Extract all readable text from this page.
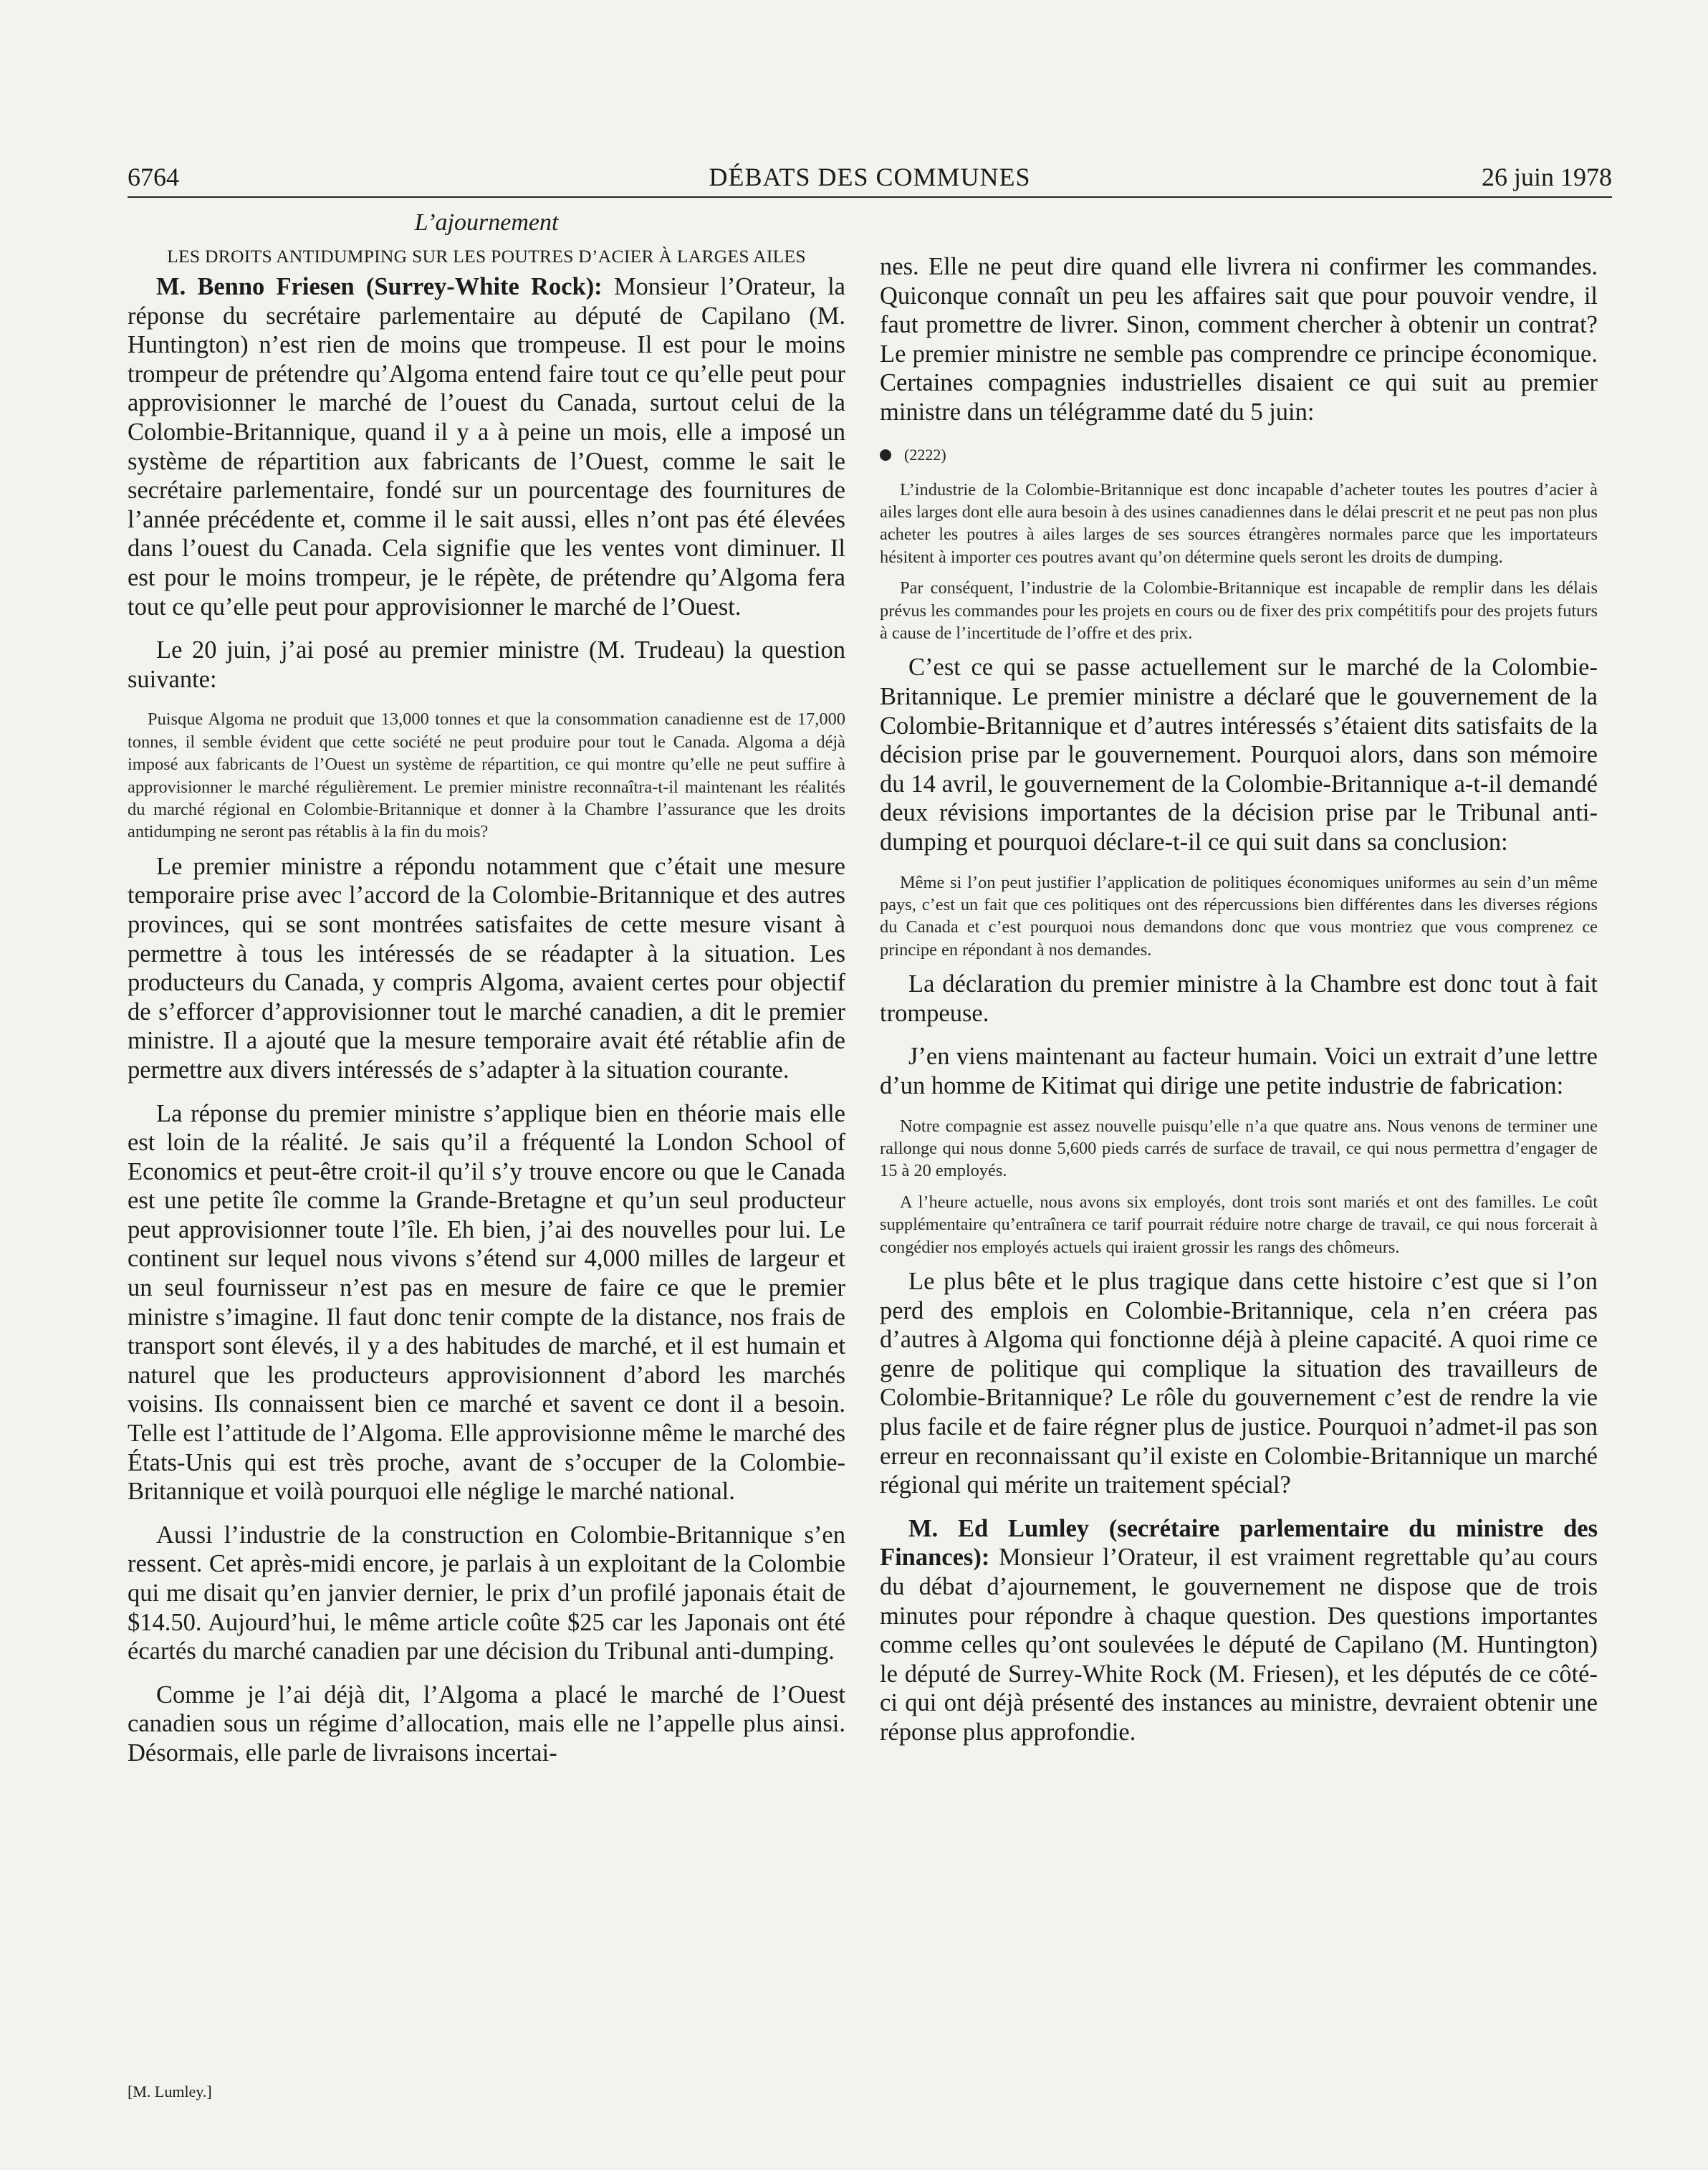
6764	DÉBATS DES COMMUNES	26 juin 1978

L’ajournement

LES DROITS ANTIDUMPING SUR LES POUTRES D’ACIER À LARGES AILES

M. Benno Friesen (Surrey-White Rock): Monsieur l’Orateur, la réponse du secrétaire parlementaire au député de Capilano (M. Huntington) n’est rien de moins que trompeuse. Il est pour le moins trompeur de prétendre qu’Algoma entend faire tout ce qu’elle peut pour approvisionner le marché de l’ouest du Canada, surtout celui de la Colombie-Britannique, quand il y a à peine un mois, elle a imposé un système de répartition aux fabricants de l’Ouest, comme le sait le secrétaire parlementaire, fondé sur un pourcentage des fournitures de l’année précédente et, comme il le sait aussi, elles n’ont pas été élevées dans l’ouest du Canada. Cela signifie que les ventes vont diminuer. Il est pour le moins trompeur, je le répète, de prétendre qu’Algoma fera tout ce qu’elle peut pour approvisionner le marché de l’Ouest.

Le 20 juin, j’ai posé au premier ministre (M. Trudeau) la question suivante:

Puisque Algoma ne produit que 13,000 tonnes et que la consommation canadienne est de 17,000 tonnes, il semble évident que cette société ne peut produire pour tout le Canada. Algoma a déjà imposé aux fabricants de l’Ouest un système de répartition, ce qui montre qu’elle ne peut suffire à approvisionner le marché régulièrement. Le premier ministre reconnaîtra-t-il maintenant les réalités du marché régional en Colombie-Britannique et donner à la Chambre l’assurance que les droits antidumping ne seront pas rétablis à la fin du mois?

Le premier ministre a répondu notamment que c’était une mesure temporaire prise avec l’accord de la Colombie-Britannique et des autres provinces, qui se sont montrées satisfaites de cette mesure visant à permettre à tous les intéressés de se réadapter à la situation. Les producteurs du Canada, y compris Algoma, avaient certes pour objectif de s’efforcer d’approvisionner tout le marché canadien, a dit le premier ministre. Il a ajouté que la mesure temporaire avait été rétablie afin de permettre aux divers intéressés de s’adapter à la situation courante.

La réponse du premier ministre s’applique bien en théorie mais elle est loin de la réalité. Je sais qu’il a fréquenté la London School of Economics et peut-être croit-il qu’il s’y trouve encore ou que le Canada est une petite île comme la Grande-Bretagne et qu’un seul producteur peut approvisionner toute l’île. Eh bien, j’ai des nouvelles pour lui. Le continent sur lequel nous vivons s’étend sur 4,000 milles de largeur et un seul fournisseur n’est pas en mesure de faire ce que le premier ministre s’imagine. Il faut donc tenir compte de la distance, nos frais de transport sont élevés, il y a des habitudes de marché, et il est humain et naturel que les producteurs approvisionnent d’abord les marchés voisins. Ils connaissent bien ce marché et savent ce dont il a besoin. Telle est l’attitude de l’Algoma. Elle approvisionne même le marché des États-Unis qui est très proche, avant de s’occuper de la Colombie-Britannique et voilà pourquoi elle néglige le marché national.

Aussi l’industrie de la construction en Colombie-Britannique s’en ressent. Cet après-midi encore, je parlais à un exploitant de la Colombie qui me disait qu’en janvier dernier, le prix d’un profilé japonais était de $14.50. Aujourd’hui, le même article coûte $25 car les Japonais ont été écartés du marché canadien par une décision du Tribunal anti-dumping.

Comme je l’ai déjà dit, l’Algoma a placé le marché de l’Ouest canadien sous un régime d’allocation, mais elle ne l’appelle plus ainsi. Désormais, elle parle de livraisons incertai-

nes. Elle ne peut dire quand elle livrera ni confirmer les commandes. Quiconque connaît un peu les affaires sait que pour pouvoir vendre, il faut promettre de livrer. Sinon, comment chercher à obtenir un contrat? Le premier ministre ne semble pas comprendre ce principe économique. Certaines compagnies industrielles disaient ce qui suit au premier ministre dans un télégramme daté du 5 juin:

(2222)

L’industrie de la Colombie-Britannique est donc incapable d’acheter toutes les poutres d’acier à ailes larges dont elle aura besoin à des usines canadiennes dans le délai prescrit et ne peut pas non plus acheter les poutres à ailes larges de ses sources étrangères normales parce que les importateurs hésitent à importer ces poutres avant qu’on détermine quels seront les droits de dumping.

Par conséquent, l’industrie de la Colombie-Britannique est incapable de remplir dans les délais prévus les commandes pour les projets en cours ou de fixer des prix compétitifs pour des projets futurs à cause de l’incertitude de l’offre et des prix.

C’est ce qui se passe actuellement sur le marché de la Colombie-Britannique. Le premier ministre a déclaré que le gouvernement de la Colombie-Britannique et d’autres intéressés s’étaient dits satisfaits de la décision prise par le gouvernement. Pourquoi alors, dans son mémoire du 14 avril, le gouvernement de la Colombie-Britannique a-t-il demandé deux révisions importantes de la décision prise par le Tribunal anti-dumping et pourquoi déclare-t-il ce qui suit dans sa conclusion:

Même si l’on peut justifier l’application de politiques économiques uniformes au sein d’un même pays, c’est un fait que ces politiques ont des répercussions bien différentes dans les diverses régions du Canada et c’est pourquoi nous demandons donc que vous montriez que vous comprenez ce principe en répondant à nos demandes.

La déclaration du premier ministre à la Chambre est donc tout à fait trompeuse.

J’en viens maintenant au facteur humain. Voici un extrait d’une lettre d’un homme de Kitimat qui dirige une petite industrie de fabrication:

Notre compagnie est assez nouvelle puisqu’elle n’a que quatre ans. Nous venons de terminer une rallonge qui nous donne 5,600 pieds carrés de surface de travail, ce qui nous permettra d’engager de 15 à 20 employés.

A l’heure actuelle, nous avons six employés, dont trois sont mariés et ont des familles. Le coût supplémentaire qu’entraînera ce tarif pourrait réduire notre charge de travail, ce qui nous forcerait à congédier nos employés actuels qui iraient grossir les rangs des chômeurs.

Le plus bête et le plus tragique dans cette histoire c’est que si l’on perd des emplois en Colombie-Britannique, cela n’en créera pas d’autres à Algoma qui fonctionne déjà à pleine capacité. A quoi rime ce genre de politique qui complique la situation des travailleurs de Colombie-Britannique? Le rôle du gouvernement c’est de rendre la vie plus facile et de faire régner plus de justice. Pourquoi n’admet-il pas son erreur en reconnaissant qu’il existe en Colombie-Britannique un marché régional qui mérite un traitement spécial?

M. Ed Lumley (secrétaire parlementaire du ministre des Finances): Monsieur l’Orateur, il est vraiment regrettable qu’au cours du débat d’ajournement, le gouvernement ne dispose que de trois minutes pour répondre à chaque question. Des questions importantes comme celles qu’ont soulevées le député de Capilano (M. Huntington) le député de Surrey-White Rock (M. Friesen), et les députés de ce côté-ci qui ont déjà présenté des instances au ministre, devraient obtenir une réponse plus approfondie.

[M. Lumley.]
